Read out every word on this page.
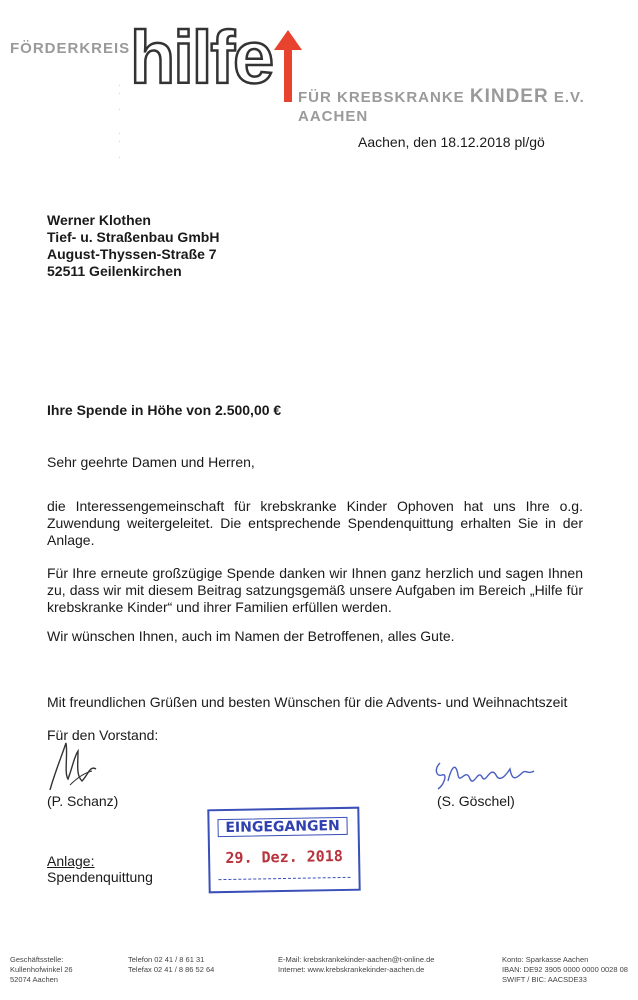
FÖRDERKREIS hilfe FÜR KREBSKRANKE KINDER E.V. AACHEN
·
·

·

·
·

·
Aachen, den 18.12.2018 pl/gö
Werner Klothen
Tief- u. Straßenbau GmbH
August-Thyssen-Straße 7
52511 Geilenkirchen
Ihre Spende in Höhe von 2.500,00 €
Sehr geehrte Damen und Herren,
die Interessengemeinschaft für krebskranke Kinder Ophoven hat uns Ihre o.g. Zuwendung weitergeleitet. Die entsprechende Spendenquittung erhalten Sie in der Anlage.
Für Ihre erneute großzügige Spende danken wir Ihnen ganz herzlich und sagen Ihnen zu, dass wir mit diesem Beitrag satzungsgemäß unsere Aufgaben im Bereich „Hilfe für krebskranke Kinder“ und ihrer Familien erfüllen werden.
Wir wünschen Ihnen, auch im Namen der Betroffenen, alles Gute.
Mit freundlichen Grüßen und besten Wünschen für die Advents- und Weihnachtszeit
Für den Vorstand:
(P. Schanz)	(S. Göschel)
EINGEGANGEN
29. Dez. 2018
Anlage:
Spendenquittung
Geschäftsstelle:
Kullenhofwinkel 26
52074 Aachen
Telefon 02 41 / 8 61 31
Telefax 02 41 / 8 86 52 64
E-Mail: krebskrankekinder-aachen@t-online.de
Internet: www.krebskrankekinder-aachen.de
Konto: Sparkasse Aachen
IBAN: DE92 3905 0000 0000 0028 08
SWIFT / BIC: AACSDE33
